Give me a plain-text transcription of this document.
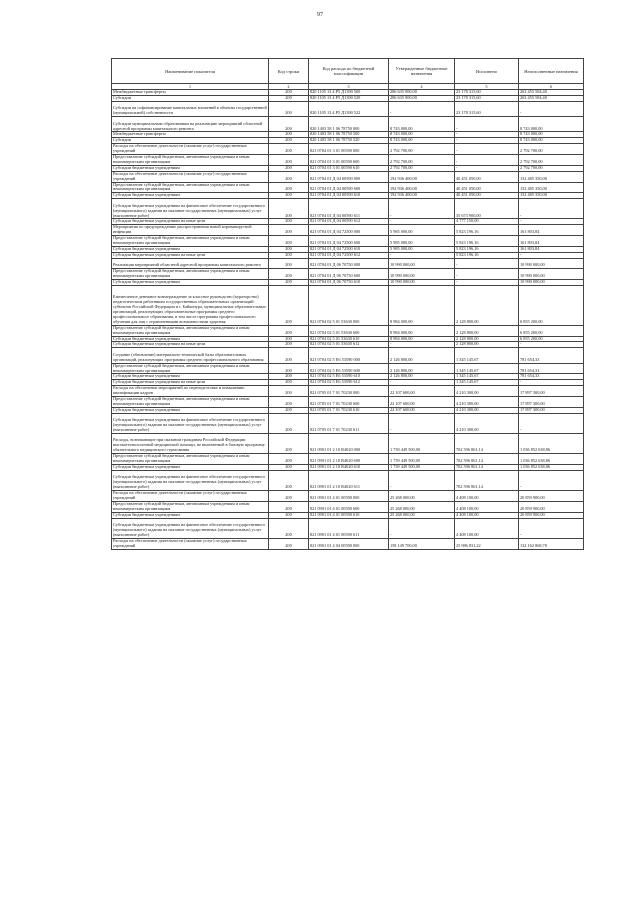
97
Наименование показателя	Код строки	Код расхода по бюджетной классификации	Утвержденные бюджетные назначения	Исполнено	Неисполненные назначения
1	2	3	4	5	6
Межбюджетные трансферты	200	820 1105 13 4 Р5 Д1390 500	286 635 900,00	23 178 315,60	263 455 584,40
Субсидии	200	820 1105 13 4 Р5 Д1390 520	286 635 900,00	23 178 315,60	263 455 584,40
Субсидии на софинансирование капитальных вложений в объекты государственной (муниципальной) собственности	200	820 1105 13 4 Р5 Д1390 522	-	23 178 315,60	-
Субсидии муниципальным образованиям на реализацию мероприятий областной адресной программы капитального ремонта	200	820 1403 58 1 06 78750 000	8 743 000,00	-	8 743 000,00
Межбюджетные трансферты	200	820 1403 58 1 06 78750 500	8 743 000,00	-	8 743 000,00
Субсидии	200	820 1403 58 1 06 78750 520	8 743 000,00	-	8 743 000,00
Расходы на обеспечение деятельности (оказание услуг) государственных учреждений	200	821 0704 01 3 01 00590 000	2 792 700,00	-	2 792 700,00
Предоставление субсидий бюджетным, автономным учреждениям и иным некоммерческим организациям	200	821 0704 01 3 01 00590 600	2 792 700,00	-	2 792 700,00
Субсидии бюджетным учреждениям	200	821 0704 01 3 01 00590 610	2 792 700,00	-	2 792 700,00
Расходы на обеспечение деятельности (оказание услуг) государственных учреждений	200	821 0704 01 Д 04 00590 000	192 936 400,00	40 451 050,00	152 485 350,00
Предоставление субсидий бюджетным, автономным учреждениям и иным некоммерческим организациям	200	821 0704 01 Д 04 00590 600	192 936 400,00	40 451 050,00	152 485 350,00
Субсидии бюджетным учреждениям	200	821 0704 01 Д 04 00590 610	192 936 400,00	40 451 050,00	152 485 350,00
Субсидии бюджетным учреждениям на финансовое обеспечение государственного (муниципального) задания на оказание государственных (муниципальных) услуг (выполнение работ)	200	821 0704 01 Д 04 00590 611	-	35 673 900,00	-
Субсидии бюджетным учреждениям на иные цели	200	821 0704 01 Д 04 00590 612	-	4 777 150,00	-
Мероприятия по предупреждению распространения новой коронавирусной инфекции	200	821 0704 01 Д 04 72500 000	5 985 000,00	5 823 196,16	161 803,84
Предоставление субсидий бюджетным, автономным учреждениям и иным некоммерческим организациям	200	821 0704 01 Д 04 72500 600	5 985 000,00	5 823 196,16	161 803,84
Субсидии бюджетным учреждениям	200	821 0704 01 Д 04 72500 610	5 985 000,00	5 823 196,16	161 803,84
Субсидии бюджетным учреждениям на иные цели	200	821 0704 01 Д 04 72500 612	-	5 823 196,16	-
Реализация мероприятий областной адресной программы капитального ремонта	200	821 0704 01 Д 06 70750 000	10 990 000,00	-	10 990 000,00
Предоставление субсидий бюджетным, автономным учреждениям и иным некоммерческим организациям	200	821 0704 01 Д 06 70750 600	10 990 000,00	-	10 990 000,00
Субсидии бюджетным учреждениям	200	821 0704 01 Д 06 70750 610	10 990 000,00	-	10 990 000,00
Ежемесячное денежное вознаграждение за классное руководство (кураторство) педагогическим работникам государственных образовательных организаций субъектов Российской Федерации и г. Байконура, муниципальных образовательных организаций, реализующих образовательные программы среднего профессионального образования, в том числе программы профессионального обучения для лиц с ограниченными возможностями здоровья	200	821 0704 02 5 01 53630 000	8 984 000,00	2 128 800,00	6 855 200,00
Предоставление субсидий бюджетным, автономным учреждениям и иным некоммерческим организациям	200	821 0704 02 5 01 53630 600	8 984 000,00	2 128 800,00	6 855 200,00
Субсидии бюджетным учреждениям	200	821 0704 02 5 01 53630 610	8 984 000,00	2 128 800,00	6 855 200,00
Субсидии бюджетным учреждениям на иные цели	200	821 0704 02 5 01 53630 612	-	2 128 800,00	-
Создание (обновление) материально-технической базы образовательных организаций, реализующих программы среднего профессионального образования	200	821 0704 02 5 Е6 53590 000	2 126 800,00	1 345 145,67	781 654,33
Предоставление субсидий бюджетным, автономным учреждениям и иным некоммерческим организациям	200	821 0704 02 5 Е6 53590 600	2 126 800,00	1 345 145,67	781 654,33
Субсидии бюджетным учреждениям	200	821 0704 02 5 Е6 53590 610	2 126 800,00	1 345 145,67	781 654,33
Субсидии бюджетным учреждениям на иные цели	200	821 0704 02 5 Е6 53590 612	-	1 345 145,67	-
Расходы на обеспечение мероприятий по переподготовке и повышению квалификации кадров	200	821 0705 01 7 01 70230 000	22 107 600,00	4 210 300,00	17 897 300,00
Предоставление субсидий бюджетным, автономным учреждениям и иным некоммерческим организациям	200	821 0705 01 7 01 70230 600	22 107 600,00	4 210 300,00	17 897 300,00
Субсидии бюджетным учреждениям	200	821 0705 01 7 01 70230 610	22 107 600,00	4 210 300,00	17 897 300,00
Субсидии бюджетным учреждениям на финансовое обеспечение государственного (муниципального) задания на оказание государственных (муниципальных) услуг (выполнение работ)	200	821 0705 01 7 01 70230 611	-	4 210 300,00	-
Расходы, возникающие при оказании гражданам Российской Федерации высокотехнологичной медицинской помощи, не включенной в базовую программу обязательного медицинского страхования	200	821 0901 01 2 10 R4020 000	1 739 449 500,00	702 596 861,14	1 036 852 638,86
Предоставление субсидий бюджетным, автономным учреждениям и иным некоммерческим организациям	200	821 0901 01 2 10 R4020 600	1 739 449 500,00	702 596 861,14	1 036 852 638,86
Субсидии бюджетным учреждениям	200	821 0901 01 2 10 R4020 610	1 739 449 500,00	702 596 861,14	1 036 852 638,86
Субсидии бюджетным учреждениям на финансовое обеспечение государственного (муниципального) задания на оказание государственных (муниципальных) услуг (выполнение работ)	200	821 0901 01 2 10 R4020 611	-	702 596 861,14	-
Расходы на обеспечение деятельности (оказание услуг) государственных учреждений	200	821 0901 01 4 01 00590 000	25 268 000,00	4 408 100,00	20 859 900,00
Предоставление субсидий бюджетным, автономным учреждениям и иным некоммерческим организациям	200	821 0901 01 4 01 00590 600	25 268 000,00	4 408 100,00	20 859 900,00
Субсидии бюджетным учреждениям	200	821 0901 01 4 01 00590 610	25 268 000,00	4 408 100,00	20 859 900,00
Субсидии бюджетным учреждениям на финансовое обеспечение государственного (муниципального) задания на оказание государственных (муниципальных) услуг (выполнение работ)	200	821 0901 01 4 01 00590 611	-	4 408 100,00	-
Расходы на обеспечение деятельности (оказание услуг) государственных учреждений	200	821 0901 01 4 04 00590 000	158 149 700,00	25 986 831,22	132 162 868,78
